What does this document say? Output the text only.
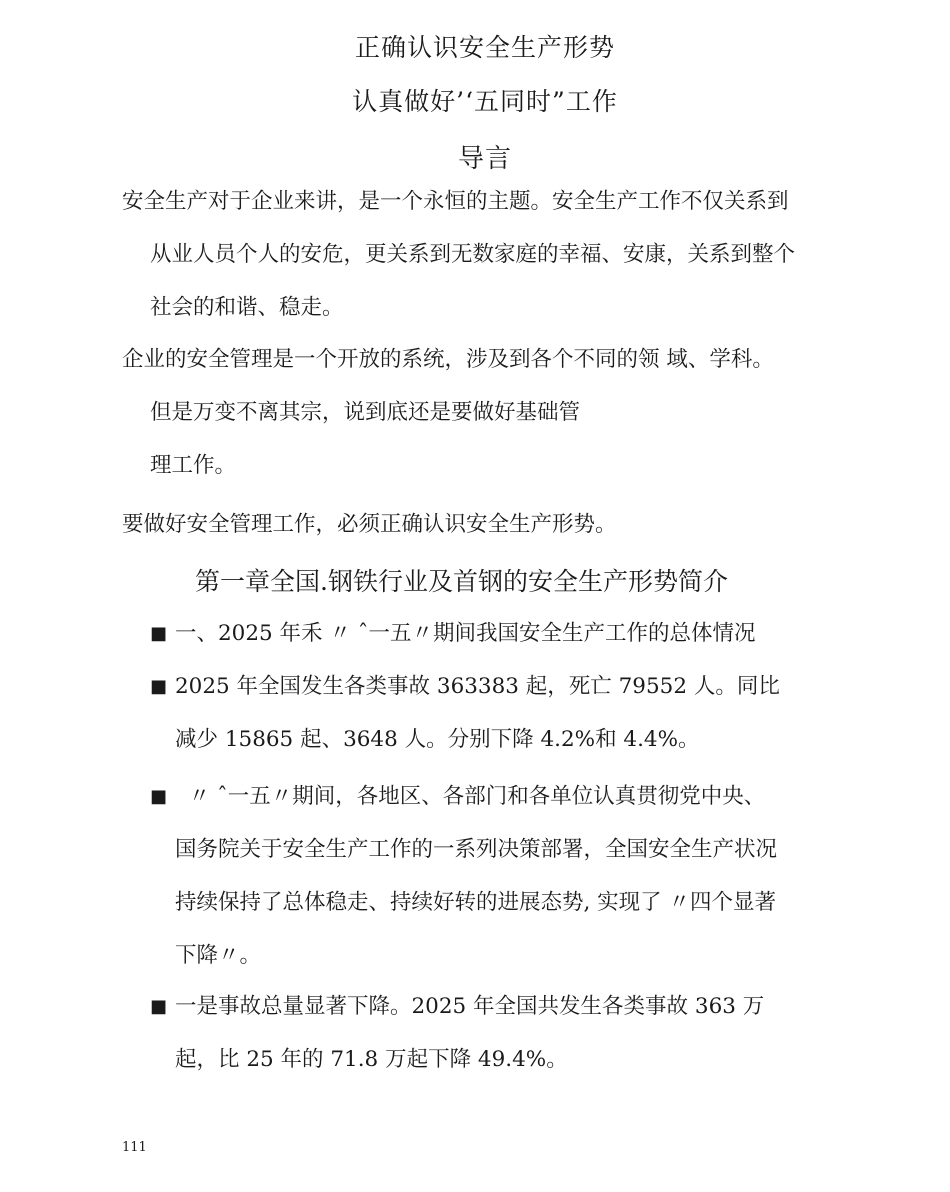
正确认识安全生产形势
认真做好’‘五同时”工作
导言
安全生产对于企业来讲，是一个永恒的主题。安全生产工作不仅关系到
从业人员个人的安危，更关系到无数家庭的幸福、安康，关系到整个
社会的和谐、稳走。
企业的安全管理是一个开放的系统，涉及到各个不同的领 域、学科。
但是万变不离其宗，说到底还是要做好基础管
理工作。
要做好安全管理工作，必须正确认识安全生产形势。
第一章全国.钢铁行业及首钢的安全生产形势简介
■ 一、2025 年禾 〃 ˆ一五〃期间我国安全生产工作的总体情况
■ 2025 年全国发生各类事故 363383 起，死亡 79552 人。同比
减少 15865 起、3648 人。分别下降 4.2%和 4.4%。
■ 〃 ˆ一五〃期间，各地区、各部门和各单位认真贯彻党中央、
国务院关于安全生产工作的一系列决策部署，全国安全生产状况
持续保持了总体稳走、持续好转的进展态势, 实现了 〃四个显著
下降〃。
■ 一是事故总量显著下降。2025 年全国共发生各类事故 363 万
起，比 25 年的 71.8 万起下降 49.4%。
111
